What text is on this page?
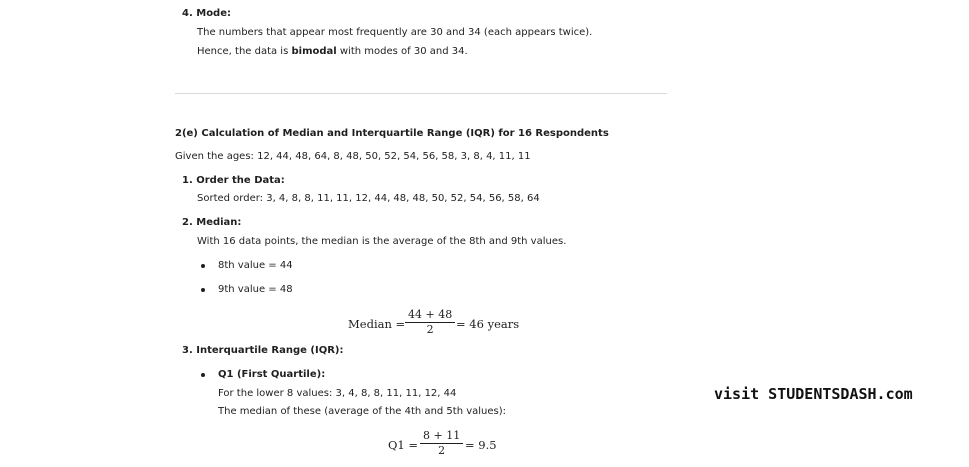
4. Mode:
The numbers that appear most frequently are 30 and 34 (each appears twice).
Hence, the data is bimodal with modes of 30 and 34.
2(e) Calculation of Median and Interquartile Range (IQR) for 16 Respondents
Given the ages: 12, 44, 48, 64, 8, 48, 50, 52, 54, 56, 58, 3, 8, 4, 11, 11
1. Order the Data:
Sorted order: 3, 4, 8, 8, 11, 11, 12, 44, 48, 48, 50, 52, 54, 56, 58, 64
2. Median:
With 16 data points, the median is the average of the 8th and 9th values.
8th value = 44
9th value = 48
Median = $\frac{44 + 48}{2} = 46$ years
3. Interquartile Range (IQR):
Q1 (First Quartile):
For the lower 8 values: 3, 4, 8, 8, 11, 11, 12, 44
The median of these (average of the 4th and 5th values):
$Q1 = \frac{8 + 11}{2} = 9.5$
visit STUDENTSDASH.com
